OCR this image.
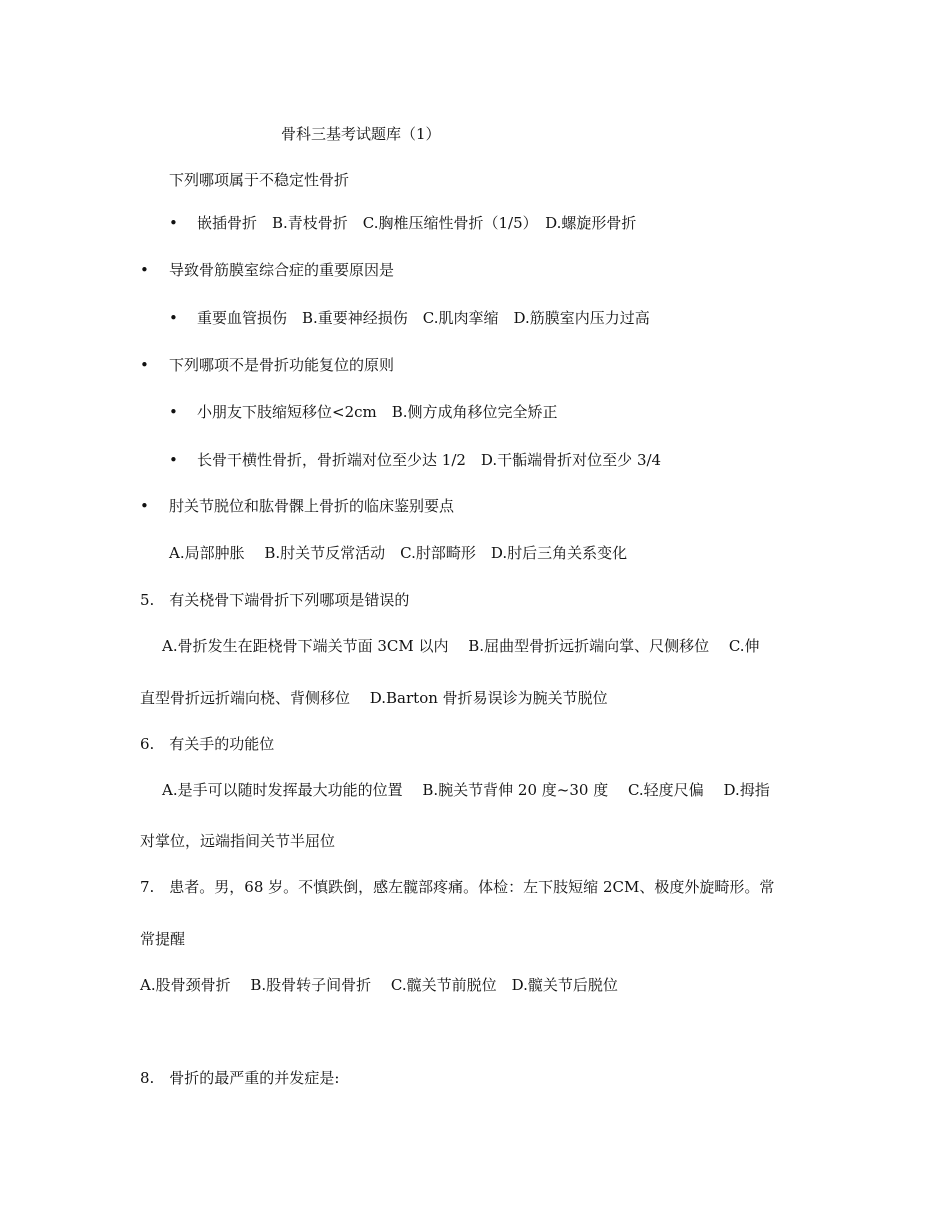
骨科三基考试题库（1）
下列哪项属于不稳定性骨折
• 嵌插骨折　B.青枝骨折　C.胸椎压缩性骨折（1/5）　D.螺旋形骨折
• 导致骨筋膜室综合症的重要原因是
• 重要血管损伤　B.重要神经损伤　C.肌肉挛缩　D.筋膜室内压力过高
• 下列哪项不是骨折功能复位的原则
• 小朋友下肢缩短移位<2cm　B.侧方成角移位完全矫正
• 长骨干横性骨折，骨折端对位至少达 1/2　D.干骺端骨折对位至少 3/4
• 肘关节脱位和肱骨髁上骨折的临床鉴别要点
A.局部肿胀　 B.肘关节反常活动　C.肘部畸形　D.肘后三角关系变化
5.　有关桡骨下端骨折下列哪项是错误的
A.骨折发生在距桡骨下端关节面 3CM 以内　 B.屈曲型骨折远折端向掌、尺侧移位　 C.伸
直型骨折远折端向桡、背侧移位　 D.Barton 骨折易误诊为腕关节脱位
6.　有关手的功能位
A.是手可以随时发挥最大功能的位置　 B.腕关节背伸 20 度~30 度　 C.轻度尺偏　 D.拇指
对掌位，远端指间关节半屈位
7.　患者。男，68 岁。不慎跌倒，感左髋部疼痛。体检：左下肢短缩 2CM、极度外旋畸形。常
常提醒
A.股骨颈骨折　 B.股骨转子间骨折　 C.髋关节前脱位　D.髋关节后脱位
8.　骨折的最严重的并发症是:
